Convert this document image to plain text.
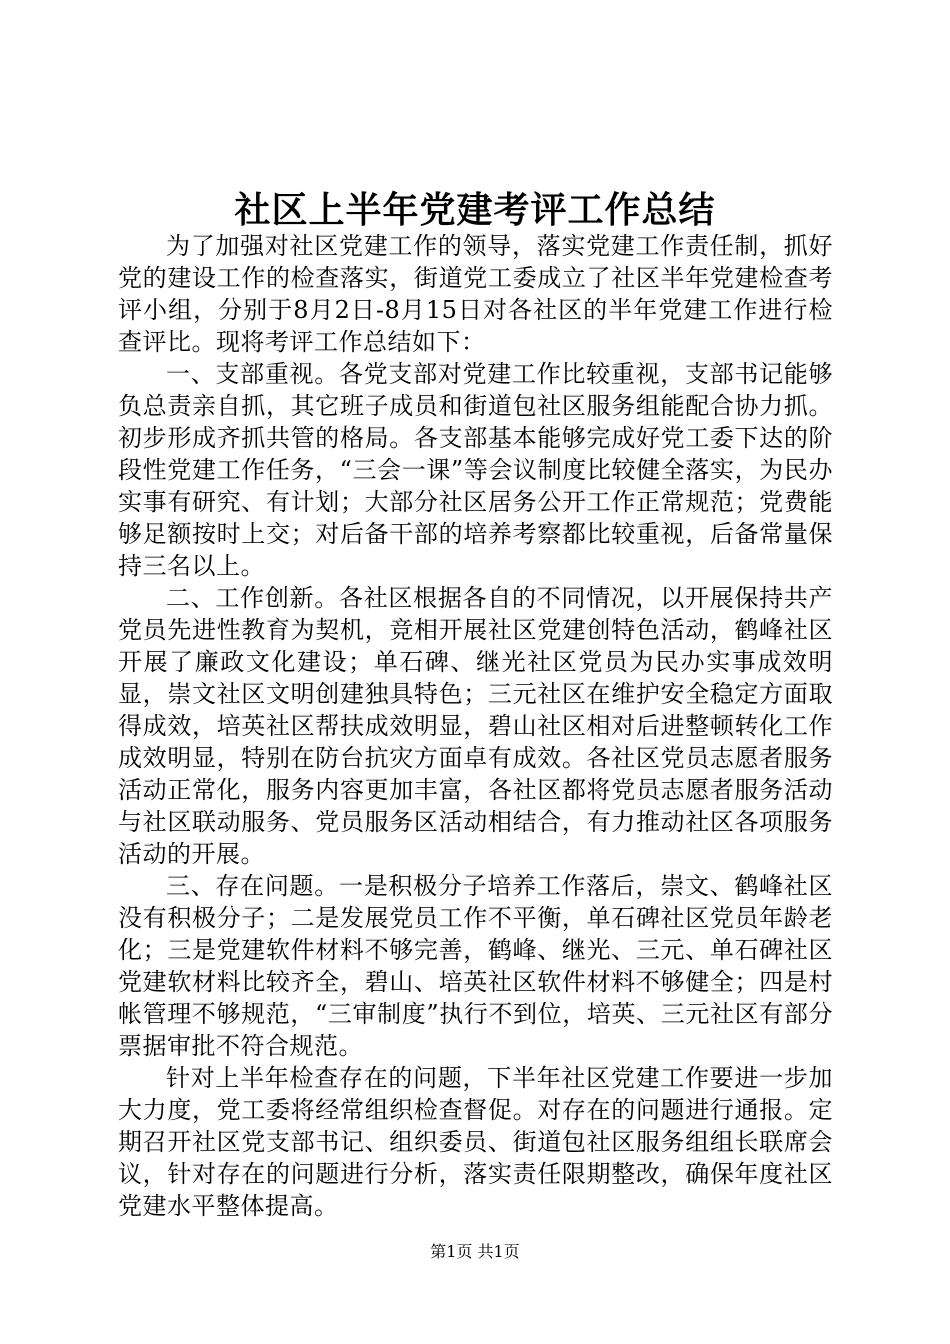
社区上半年党建考评工作总结

为了加强对社区党建工作的领导，落实党建工作责任制，抓好党的建设工作的检查落实，街道党工委成立了社区半年党建检查考评小组，分别于8月2日-8月15日对各社区的半年党建工作进行检查评比。现将考评工作总结如下：

一、支部重视。各党支部对党建工作比较重视，支部书记能够负总责亲自抓，其它班子成员和街道包社区服务组能配合协力抓。初步形成齐抓共管的格局。各支部基本能够完成好党工委下达的阶段性党建工作任务，“三会一课”等会议制度比较健全落实，为民办实事有研究、有计划；大部分社区居务公开工作正常规范；党费能够足额按时上交；对后备干部的培养考察都比较重视，后备常量保持三名以上。

二、工作创新。各社区根据各自的不同情况，以开展保持共产党员先进性教育为契机，竞相开展社区党建创特色活动，鹤峰社区开展了廉政文化建设；单石碑、继光社区党员为民办实事成效明显，崇文社区文明创建独具特色；三元社区在维护安全稳定方面取得成效，培英社区帮扶成效明显，碧山社区相对后进整顿转化工作成效明显，特别在防台抗灾方面卓有成效。各社区党员志愿者服务活动正常化，服务内容更加丰富，各社区都将党员志愿者服务活动与社区联动服务、党员服务区活动相结合，有力推动社区各项服务活动的开展。

三、存在问题。一是积极分子培养工作落后，崇文、鹤峰社区没有积极分子；二是发展党员工作不平衡，单石碑社区党员年龄老化；三是党建软件材料不够完善，鹤峰、继光、三元、单石碑社区党建软材料比较齐全，碧山、培英社区软件材料不够健全；四是村帐管理不够规范，“三审制度”执行不到位，培英、三元社区有部分票据审批不符合规范。

针对上半年检查存在的问题，下半年社区党建工作要进一步加大力度，党工委将经常组织检查督促。对存在的问题进行通报。定期召开社区党支部书记、组织委员、街道包社区服务组组长联席会议，针对存在的问题进行分析，落实责任限期整改，确保年度社区党建水平整体提高。

第1页 共1页
